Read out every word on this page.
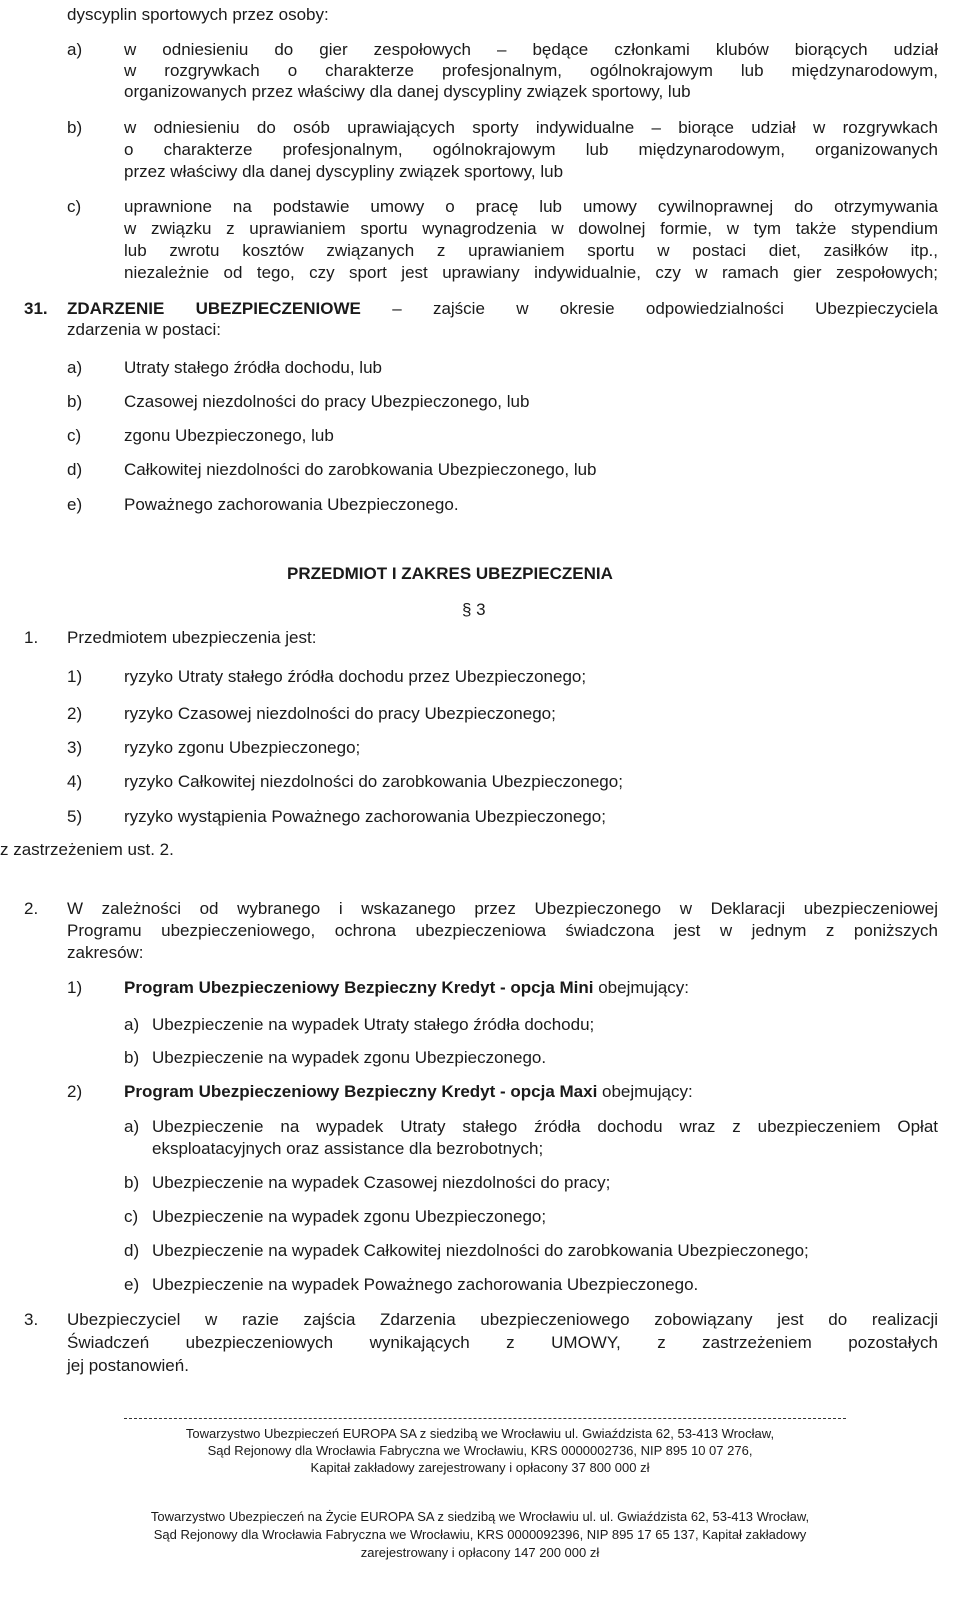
dyscyplin sportowych przez osoby:
a) w odniesieniu do gier zespołowych – będące członkami klubów biorących udział
w rozgrywkach o charakterze profesjonalnym, ogólnokrajowym lub międzynarodowym,
organizowanych przez właściwy dla danej dyscypliny związek sportowy, lub
b) w odniesieniu do osób uprawiających sporty indywidualne – biorące udział w rozgrywkach
o charakterze profesjonalnym, ogólnokrajowym lub międzynarodowym, organizowanych
przez właściwy dla danej dyscypliny związek sportowy, lub
c)	uprawnione na podstawie umowy o pracę lub umowy cywilnoprawnej do otrzymywania
w związku z uprawianiem sportu wynagrodzenia w dowolnej formie, w tym także stypendium
lub zwrotu kosztów związanych z uprawianiem sportu w postaci diet, zasiłków itp.,
niezależnie od tego, czy sport jest uprawiany indywidualnie, czy w ramach gier zespołowych;
31. ZDARZENIE UBEZPIECZENIOWE – zajście w okresie odpowiedzialności Ubezpieczyciela
zdarzenia w postaci:
a) Utraty stałego źródła dochodu, lub
b) Czasowej niezdolności do pracy Ubezpieczonego, lub
c)	zgonu Ubezpieczonego, lub
d) Całkowitej niezdolności do zarobkowania Ubezpieczonego, lub
e) Poważnego zachorowania Ubezpieczonego.
PRZEDMIOT I ZAKRES UBEZPIECZENIA
§ 3
1. Przedmiotem ubezpieczenia jest:
1) ryzyko Utraty stałego źródła dochodu przez Ubezpieczonego;
2) ryzyko Czasowej niezdolności do pracy Ubezpieczonego;
3) ryzyko zgonu Ubezpieczonego;
4) ryzyko Całkowitej niezdolności do zarobkowania Ubezpieczonego;
5) ryzyko wystąpienia Poważnego zachorowania Ubezpieczonego;
z zastrzeżeniem ust. 2.
2. W zależności od wybranego i wskazanego przez Ubezpieczonego w Deklaracji ubezpieczeniowej
Programu ubezpieczeniowego, ochrona ubezpieczeniowa świadczona jest w jednym z poniższych
zakresów:
1) Program Ubezpieczeniowy Bezpieczny Kredyt - opcja Mini obejmujący:
a) Ubezpieczenie na wypadek Utraty stałego źródła dochodu;
b) Ubezpieczenie na wypadek zgonu Ubezpieczonego.
2) Program Ubezpieczeniowy Bezpieczny Kredyt - opcja Maxi obejmujący:
a) Ubezpieczenie na wypadek Utraty stałego źródła dochodu wraz z ubezpieczeniem Opłat
eksploatacyjnych oraz assistance dla bezrobotnych;
b) Ubezpieczenie na wypadek Czasowej niezdolności do pracy;
c) Ubezpieczenie na wypadek zgonu Ubezpieczonego;
d) Ubezpieczenie na wypadek Całkowitej niezdolności do zarobkowania Ubezpieczonego;
e) Ubezpieczenie na wypadek Poważnego zachorowania Ubezpieczonego.
3. Ubezpieczyciel w razie zajścia Zdarzenia ubezpieczeniowego zobowiązany jest do realizacji
Świadczeń ubezpieczeniowych wynikających z UMOWY, z zastrzeżeniem pozostałych
jej postanowień.
Towarzystwo Ubezpieczeń EUROPA SA z siedzibą we Wrocławiu ul. Gwiaździsta 62, 53-413 Wrocław,
Sąd Rejonowy dla Wrocławia Fabryczna we Wrocławiu, KRS 0000002736, NIP 895 10 07 276,
Kapitał zakładowy zarejestrowany i opłacony 37 800 000 zł
Towarzystwo Ubezpieczeń na Życie EUROPA SA z siedzibą we Wrocławiu ul. ul. Gwiaździsta 62, 53-413 Wrocław,
Sąd Rejonowy dla Wrocławia Fabryczna we Wrocławiu, KRS 0000092396, NIP 895 17 65 137, Kapitał zakładowy
zarejestrowany i opłacony 147 200 000 zł
